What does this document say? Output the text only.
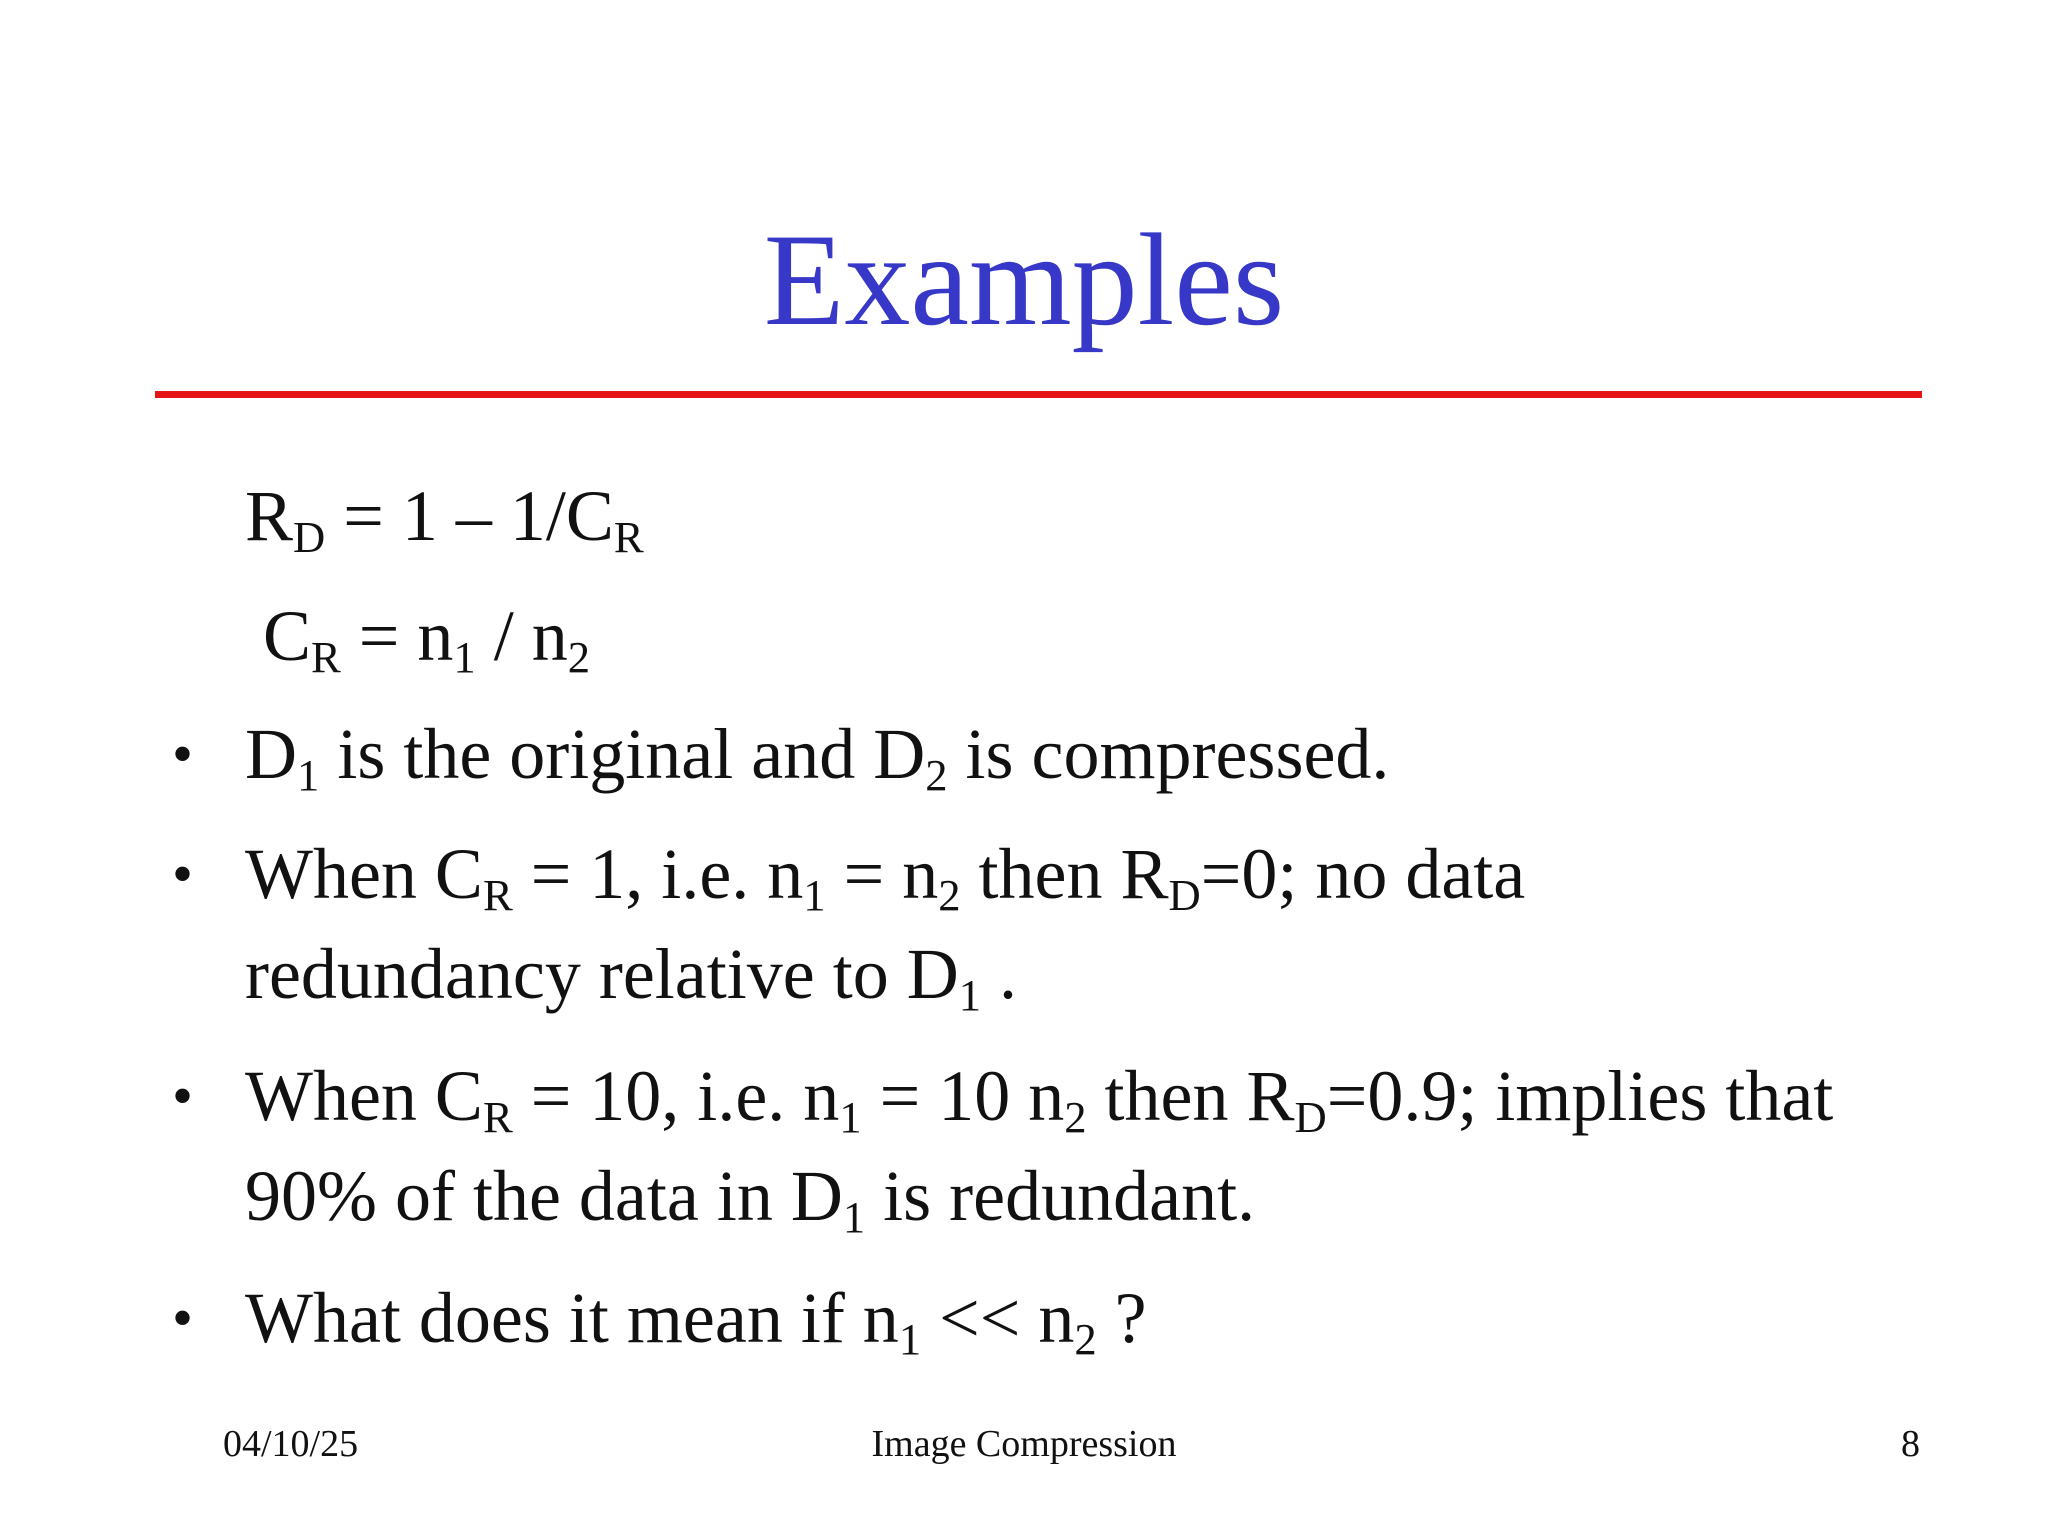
Examples
$R_D = 1 - 1/C_R$
$C_R = n_1 / n_2$
• $D_1$ is the original and $D_2$ is compressed.
• When $C_R = 1$, i.e. $n_1 = n_2$ then $R_D=0$; no data
redundancy relative to $D_1$ .
• When $C_R = 10$, i.e. $n_1 = 10$ $n_2$ then $R_D=0.9$; implies that
90% of the data in $D_1$ is redundant.
• What does it mean if $n_1 << n_2$ ?
04/10/25	Image Compression	8
